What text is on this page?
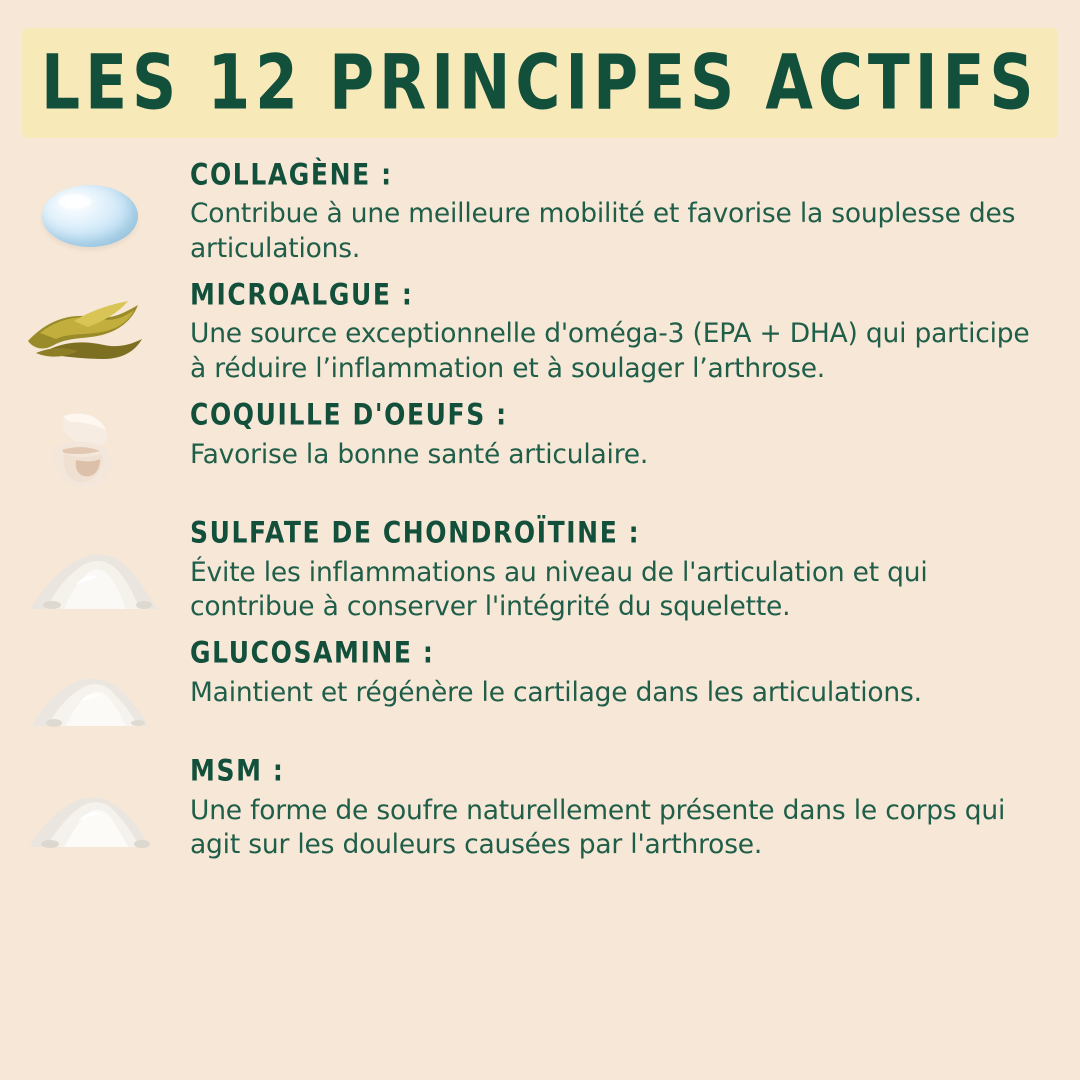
LES 12 PRINCIPES ACTIFS
COLLAGÈNE :

Contribue à une meilleure mobilité et favorise la souplesse des articulations.

MICROALGUE :

Une source exceptionnelle d'oméga-3 (EPA + DHA) qui participe à réduire l’inflammation et à soulager l’arthrose.

COQUILLE D'OEUFS :

Favorise la bonne santé articulaire.

SULFATE DE CHONDROÏTINE :

Évite les inflammations au niveau de l'articulation et qui contribue à conserver l'intégrité du squelette.

GLUCOSAMINE :

Maintient et régénère le cartilage dans les articulations.

MSM :

Une forme de soufre naturellement présente dans le corps qui agit sur les douleurs causées par l'arthrose.
